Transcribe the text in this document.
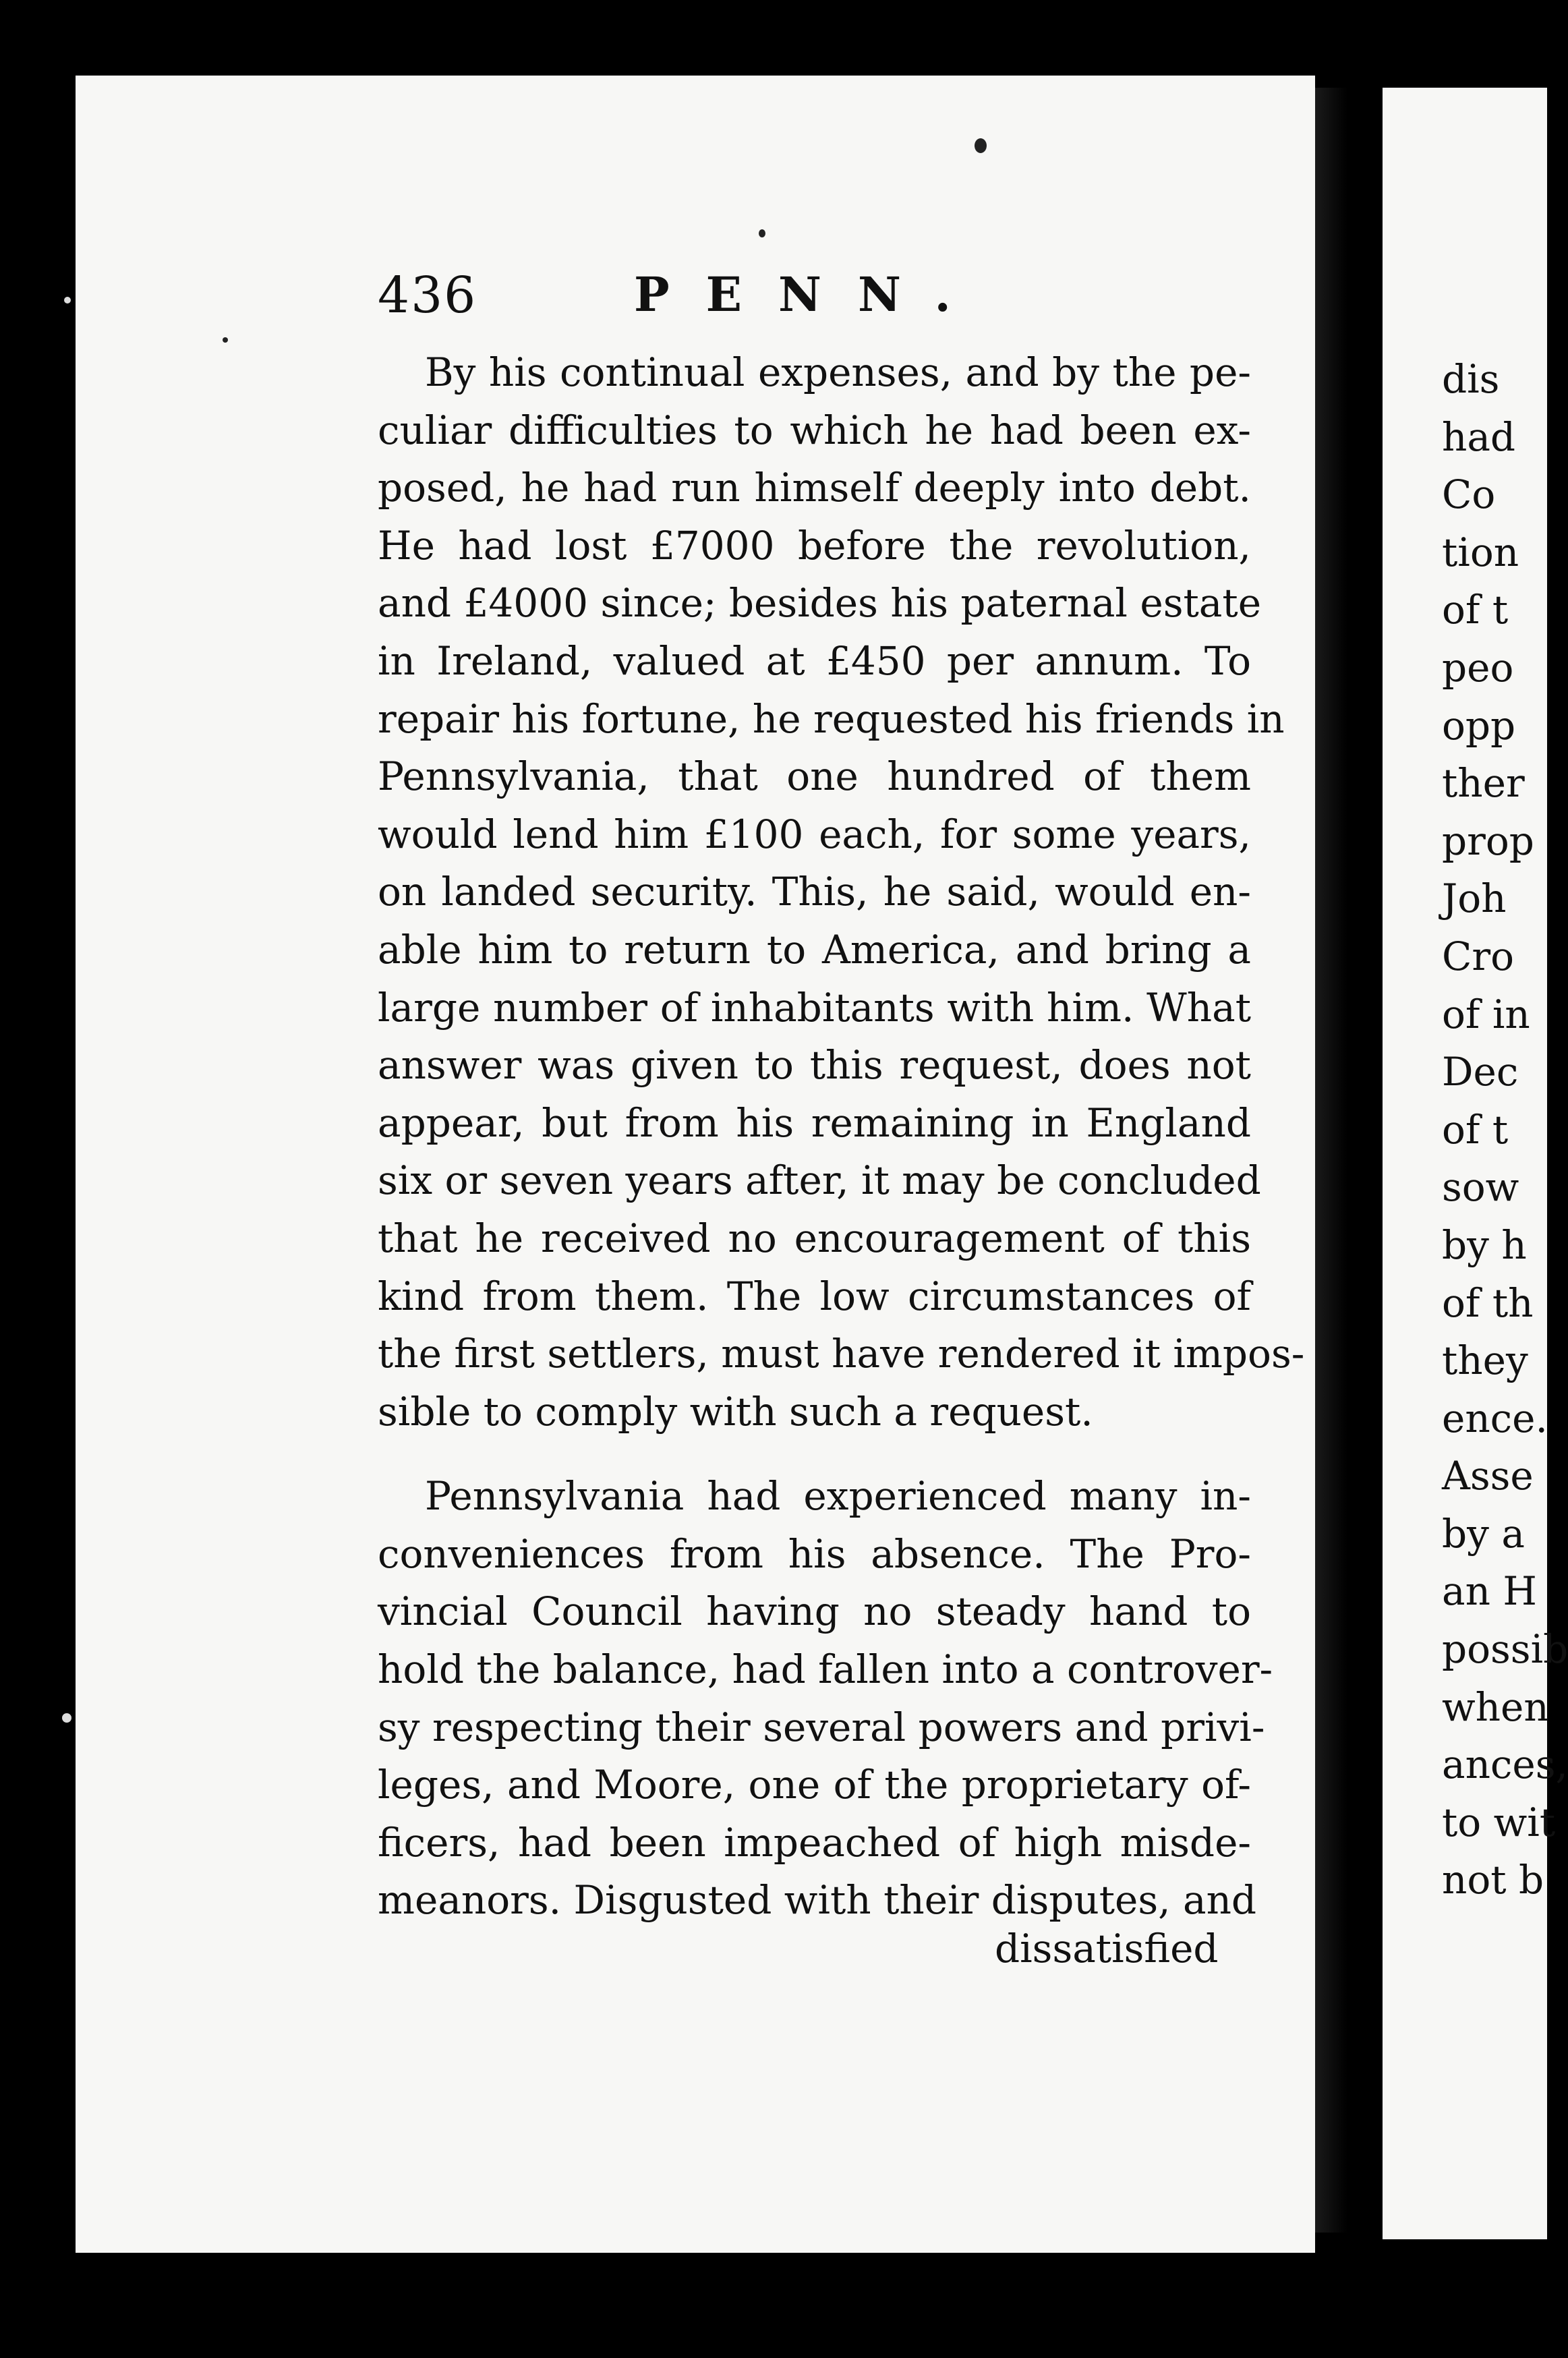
436	PENN.
By his continual expenses, and by the pe-
culiar difficulties to which he had been ex-
posed, he had run himself deeply into debt.
He had lost £7000 before the revolution,
and £4000 since; besides his paternal estate
in Ireland, valued at £450 per annum. To
repair his fortune, he requested his friends in
Pennsylvania, that one hundred of them
would lend him £100 each, for some years,
on landed security. This, he said, would en-
able him to return to America, and bring a
large number of inhabitants with him. What
answer was given to this request, does not
appear, but from his remaining in England
six or seven years after, it may be concluded
that he received no encouragement of this
kind from them. The low circumstances of
the first settlers, must have rendered it impos-
sible to comply with such a request.
Pennsylvania had experienced many in-
conveniences from his absence. The Pro-
vincial Council having no steady hand to
hold the balance, had fallen into a controver-
sy respecting their several powers and privi-
leges, and Moore, one of the proprietary of-
ficers, had been impeached of high misde-
meanors. Disgusted with their disputes, and
dissatisfied
dis
had
Co
tion
of t
peo
opp
ther
prop
Joh
Cro
of in
Dec
of t
sow
by h
of th
they
ence.
Asse
by a
an H
possib
when
ances,
to wit
not b
